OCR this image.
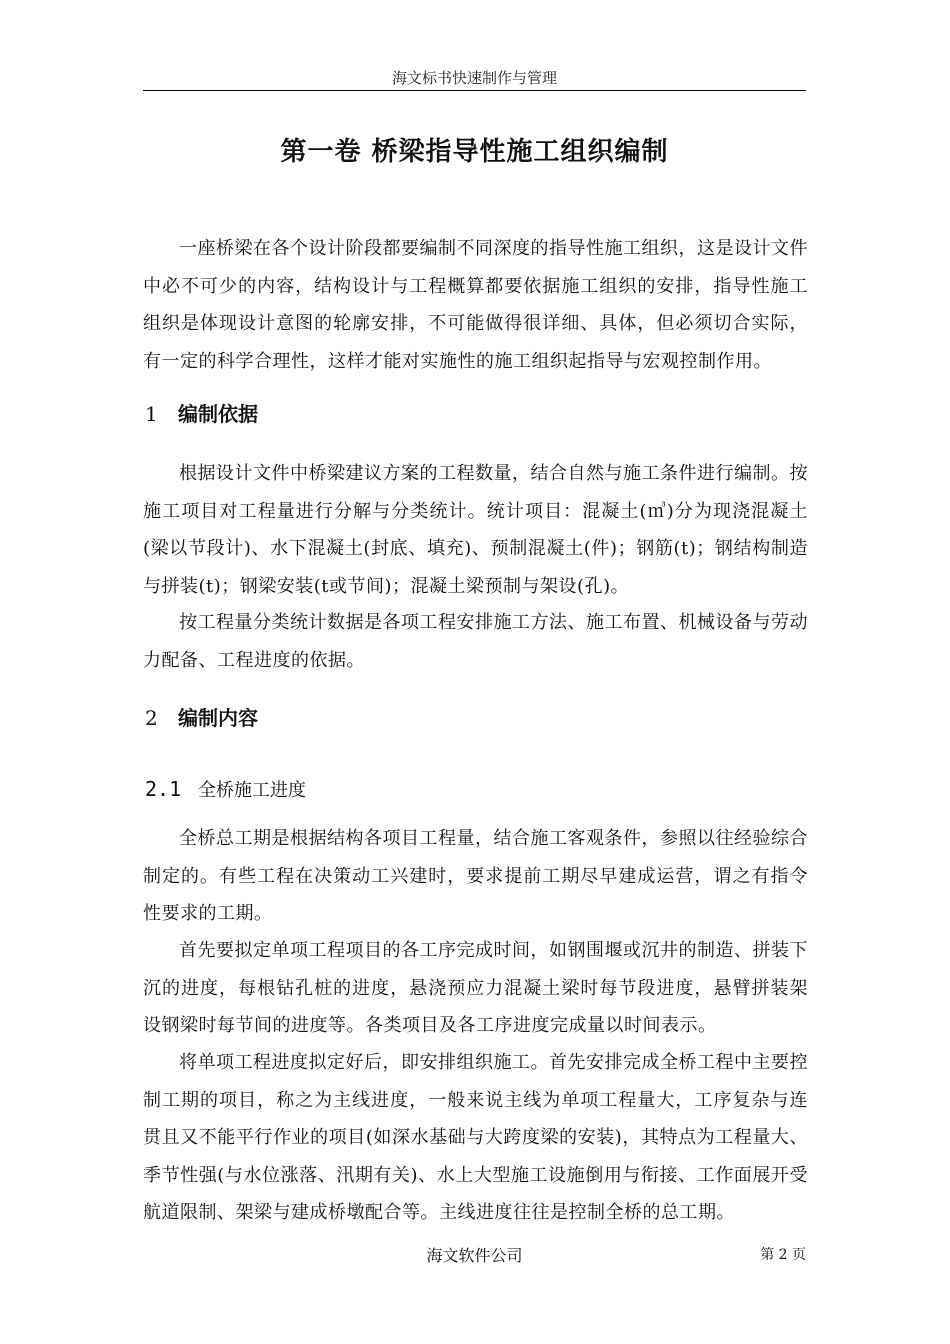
海文标书快速制作与管理
第一卷 桥梁指导性施工组织编制

一座桥梁在各个设计阶段都要编制不同深度的指导性施工组织，这是设计文件中必不可少的内容，结构设计与工程概算都要依据施工组织的安排，指导性施工组织是体现设计意图的轮廓安排，不可能做得很详细、具体，但必须切合实际，有一定的科学合理性，这样才能对实施性的施工组织起指导与宏观控制作用。

1 编制依据

根据设计文件中桥梁建议方案的工程数量，结合自然与施工条件进行编制。按施工项目对工程量进行分解与分类统计。统计项目：混凝土(㎥)分为现浇混凝土(梁以节段计)、水下混凝土(封底、填充)、预制混凝土(件)；钢筋(t)；钢结构制造与拼装(t)；钢梁安装(t或节间)；混凝土梁预制与架设(孔)。

按工程量分类统计数据是各项工程安排施工方法、施工布置、机械设备与劳动力配备、工程进度的依据。

2 编制内容
2.1 全桥施工进度

全桥总工期是根据结构各项目工程量，结合施工客观条件，参照以往经验综合制定的。有些工程在决策动工兴建时，要求提前工期尽早建成运营，谓之有指令性要求的工期。

首先要拟定单项工程项目的各工序完成时间，如钢围堰或沉井的制造、拼装下沉的进度，每根钻孔桩的进度，悬浇预应力混凝土梁时每节段进度，悬臂拼装架设钢梁时每节间的进度等。各类项目及各工序进度完成量以时间表示。

将单项工程进度拟定好后，即安排组织施工。首先安排完成全桥工程中主要控制工期的项目，称之为主线进度，一般来说主线为单项工程量大，工序复杂与连贯且又不能平行作业的项目(如深水基础与大跨度梁的安装)，其特点为工程量大、季节性强(与水位涨落、汛期有关)、水上大型施工设施倒用与衔接、工作面展开受航道限制、架梁与建成桥墩配合等。主线进度往往是控制全桥的总工期。

海文软件公司	第 2 页
